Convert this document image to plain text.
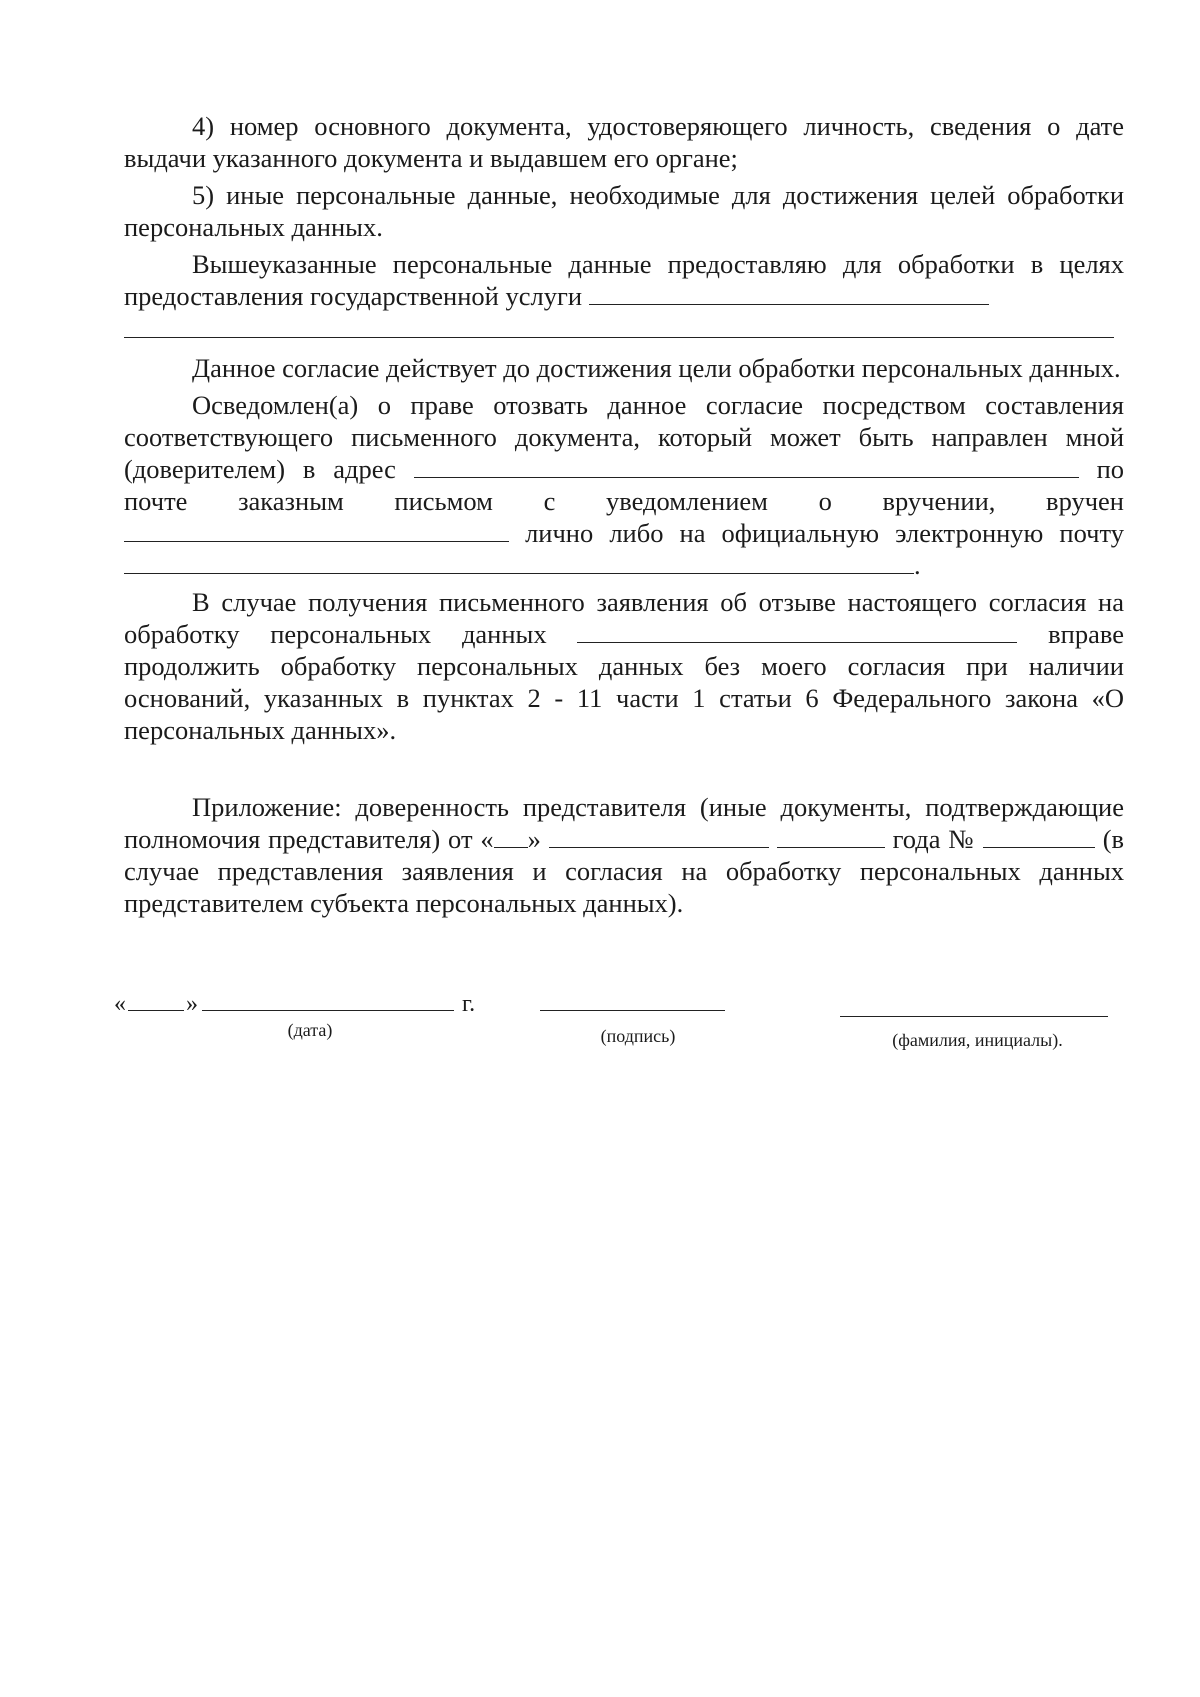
4) номер основного документа, удостоверяющего личность, сведения о дате выдачи указанного документа и выдавшем его органе;

5) иные персональные данные, необходимые для достижения целей обработки персональных данных.

Вышеуказанные персональные данные предоставляю для обработки в целях предоставления государственной услуги

Данное согласие действует до достижения цели обработки персональных данных.

Осведомлен(а) о праве отозвать данное согласие посредством составления соответствующего письменного документа, который может быть направлен мной (доверителем) в адрес	по почте заказным письмом с уведомлением о вручении, вручен  лично либо на официальную электронную почту .

В случае получения письменного заявления об отзыве настоящего согласия на обработку персональных данных	вправе продолжить обработку персональных данных без моего согласия при наличии оснований, указанных в пунктах 2 - 11 части 1 статьи 6 Федерального закона «О персональных данных».

Приложение: доверенность представителя (иные документы, подтверждающие полномочия представителя) от « »	года №	(в случае представления заявления и согласия на обработку персональных данных представителем субъекта персональных данных).

«	»	г.
(дата)	(подпись)	(фамилия, инициалы).
